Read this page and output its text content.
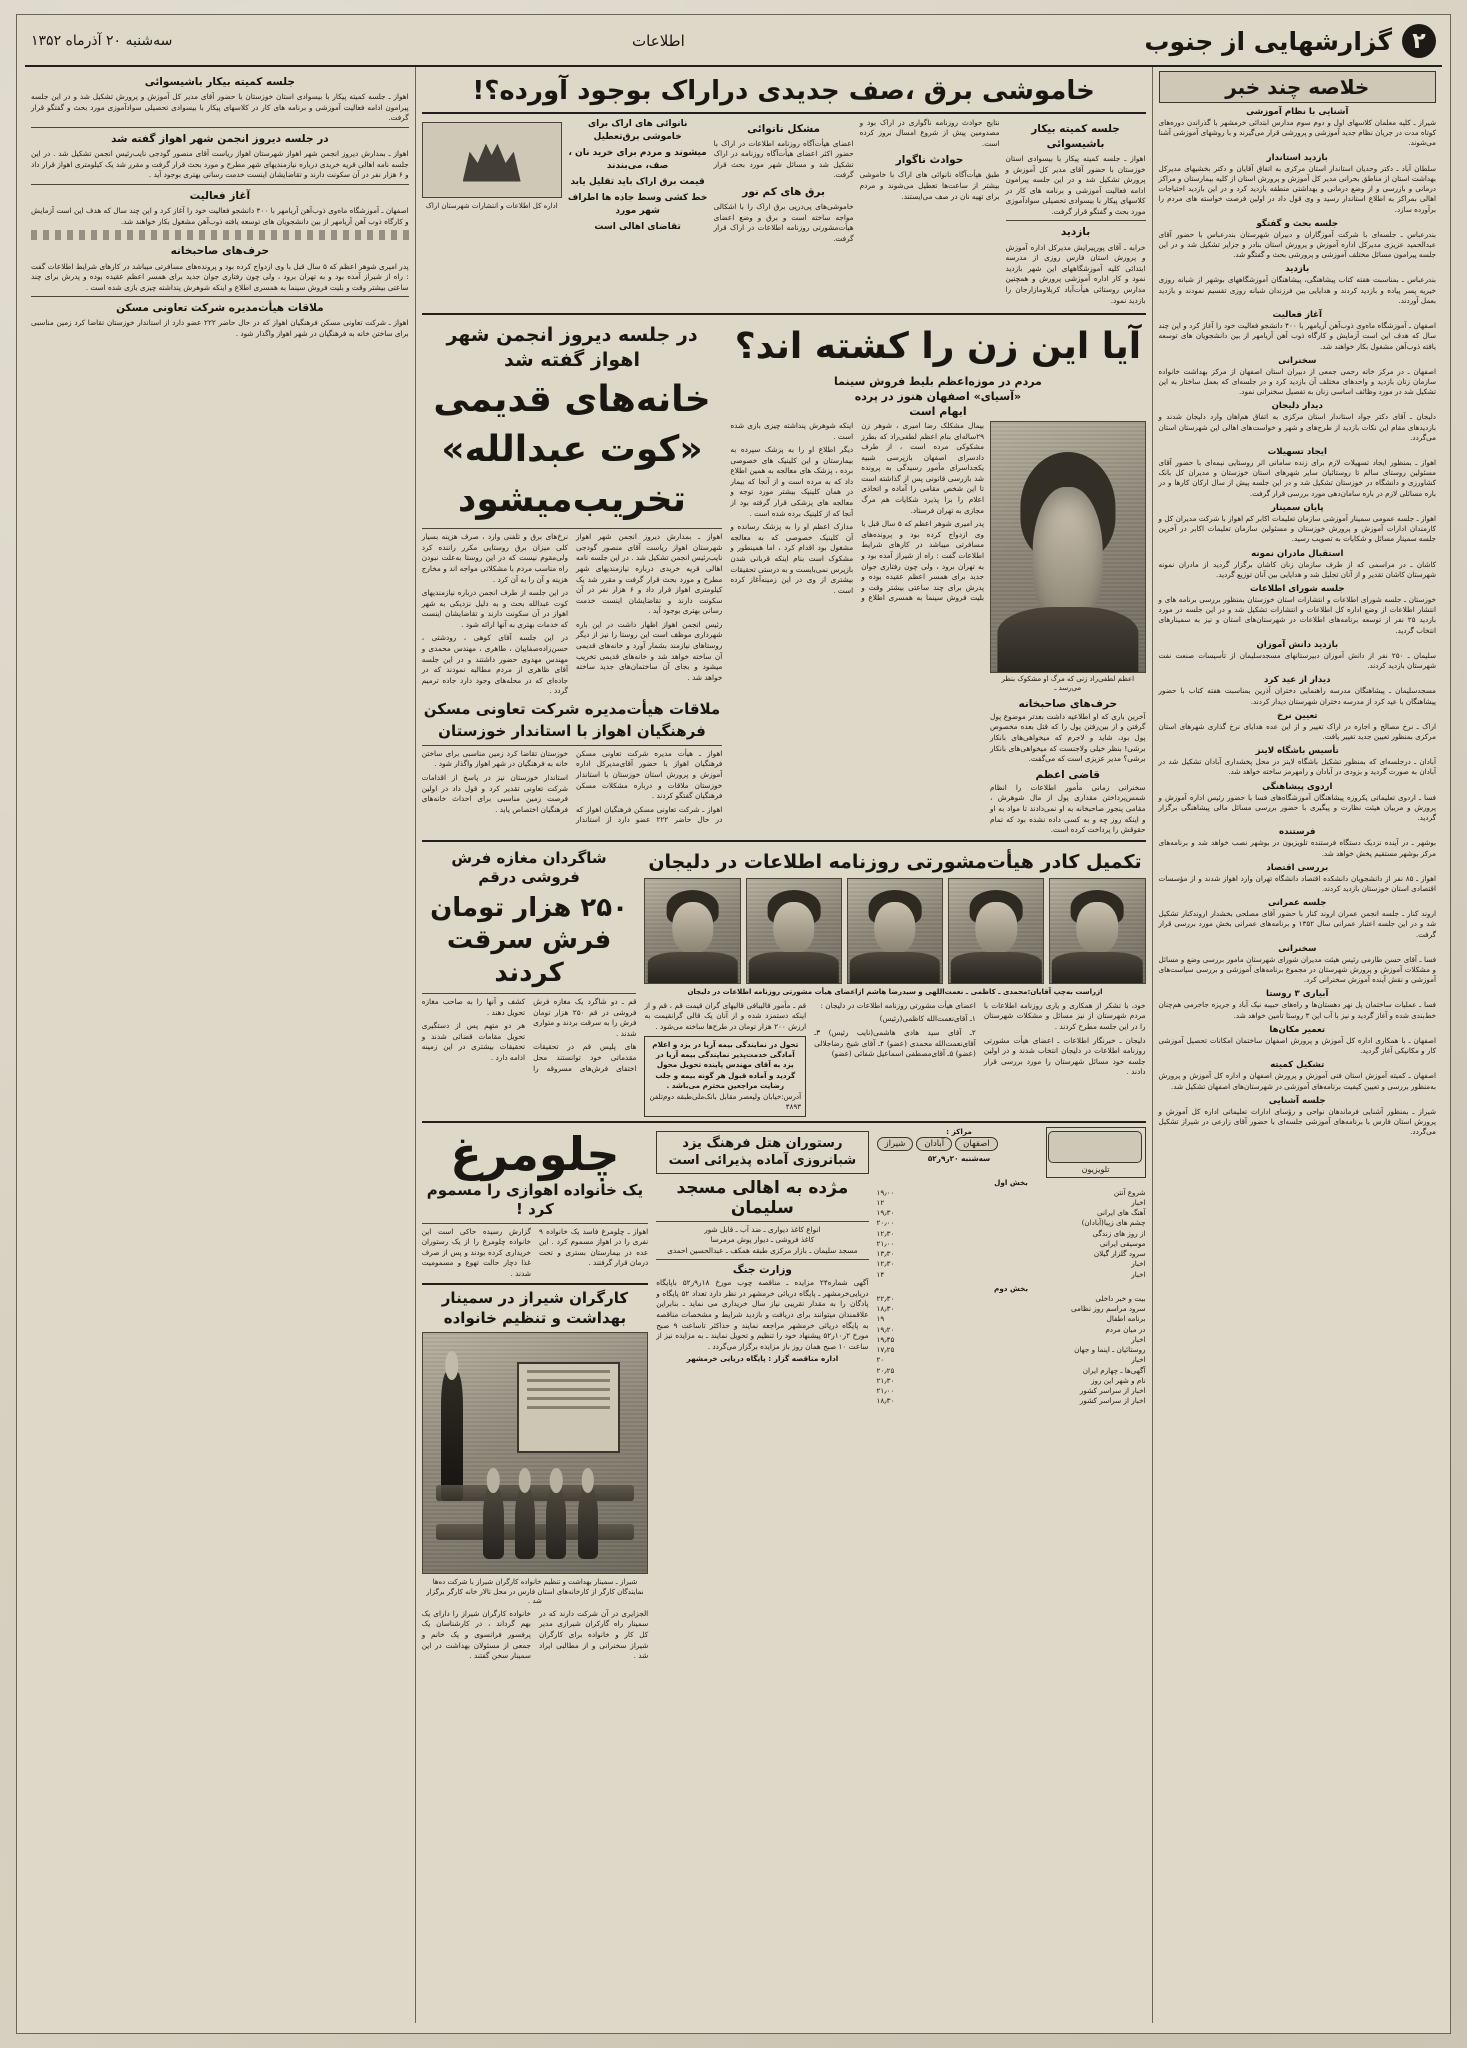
۲
گزارشهایی از جنوب
اطلاعات
سه‌شنبه ۲۰ آذرماه ۱۳۵۲
خلاصه چند خبر
آشنایی با نظام آموزشی

شیراز ـ کلیه معلمان کلاسهای اول و دوم سوم مدارس ابتدائی خرمشهر با گذراندن دوره‌های کوتاه مدت در جریان نظام جدید آموزشی و پرورشی قرار می‌گیرند و با روشهای آموزشی آشنا می‌شوند.

بازدید استاندار

سلطان آباد ـ دکتر وحدیان استاندار استان مرکزی به اتفاق آقایان و دکتر بخشیهای مدیرکل بهداشت استان از مناطق بحرانی مدیر کل آموزش و پرورش استان از کلیه بیمارستان و مراکز درمانی و بازرسی و از وضع درمانی و بهداشتی منطقه بازدید کرد و در این بازدید احتیاجات اهالی بمراکز به اطلاع استاندار رسید و وی قول داد در اولین فرصت خواسته های مردم را برآورده سازد.

جلسه بحث و گفتگو

بندرعباس ـ جلسه‌ای با شرکت آموزگاران و دبیران شهرستان بندرعباس با حضور آقای عبدالحمید عزیزی مدیرکل اداره آموزش و پرورش استان بنادر و جزایر تشکیل شد و در این جلسه پیرامون مسائل مختلف آموزشی و پرورشی بحث و گفتگو شد.

بازدید

بندرعباس ـ بمناسبت هفته کتاب پیشاهنگی، پیشاهنگان آموزشگاههای بوشهر از شبانه روزی خیریه پسر پیاده و بازدید کردند و هدایایی بین فرزندان شبانه روزی تقسیم نمودند و بازدید بعمل آوردند.

آغاز فعالیت

اصفهان ـ آموزشگاه ماه‌وی ذوب‌آهن آریامهر با ۴۰۰ دانشجو فعالیت خود را آغاز کرد و این چند سال که هدف این است آزمایش و کارگاه ذوب آهن آریامهر از بین دانشجویان های‌ توسعه یافته ذوب‌آهن مشغول بکار خواهند شد.

سخنرانی

اصفهان ـ در مرکز خانه رحمی جمعی از دبیران استان اصفهان از مرکز بهداشت خانواده سازمان زنان بازدید و واحدهای مختلف آن بازدید کرد و در جلسه‌ای که بعمل ساختار به این تشکیل شد در مورد وظائف اساسی زنان به تفصیل سخنرانی نمود.

دیدار دلیجان

دلیجان ـ آقای دکتر جواد استاندار استان مرکزی به اتفاق هم‌اهان وارد دلیجان شدند و بازدیدهای مقام این نکات بازدید از طرح‌های و شهر و خواست‌های اهالی این شهرستان استان می‌گردد.

ایجاد تسهیلات

اهواز ـ بمنظور ایجاد تسهیلات لازم برای زنده سامانی اثر روستایی نیمه‌ای با حضور آقای مسئولین روستای سالم تا روستائیان سایر شهرهای استان خوزستان و مدیران کل بانک کشاورزی و دانشگاه در خوزستان تشکیل شد و در این جلسه پیش از سال ارکان کارها و در باره مسائلی لازم در باره سامان‌دهی مورد بررسی قرار گرفت.

پایان سمینار

اهواز ـ جلسه عمومی سمینار آموزشی سازمان تعلیمات اکابر کم اهواز با شرکت مدیران کل و کارمندان ادارات آموزش و پرورش خوزستان و مسئولین سازمان تعلیمات اکابر در آخرین جلسه سمینار مسائل و شکایات به تصویب رسید.

استقبال مادران نمونه

کاشان ـ در مراسمی که از طرف سازمان زنان کاشان برگزار گردید از مادران نمونه شهرستان کاشان تقدیر و از آنان تجلیل شد و هدایایی بین آنان توزیع گردید.

جلسه شورای اطلاعات

خوزستان ـ جلسه شورای اطلاعات و انتشارات استان خوزستان بمنظور بررسی برنامه های و انتشار اطلاعات از وضع اداره کل اطلاعات و انتشارات تشکیل شد و در این جلسه در مورد بازدید ۲۵ نفر از توسعه برنامه‌های اطلاعات در شهرستان‌های استان و نیز به سمینارهای انتخاب گردید.

بازدید دانش آموزان

سلیمان ـ ۲۵۰ نفر از دانش آموزان دبیرستانهای مسجدسلیمان از تأسیسات صنعت نفت شهرستان بازدید کردند.

دیدار از عید کرد

مسجدسلیمان ـ پیشاهنگان مدرسه راهنمایی دختران آذرین بمناسبت هفته کتاب با حضور پیشاهنگان با عید کرد از مدرسه دختران شهرستان دیدار کردند.

تعیین نرخ

اراک ـ نرخ مصالح و اجاره در اراک تغییر و از این عده هدایای نرخ گذاری شهرهای استان مرکزی بمنظور تعیین جدید تغییر یافت.

تأسیس باشگاه لاینز

آبادان ـ درجلسه‌ای که بمنظور تشکیل باشگاه لاینز در محل پخشداری آبادان تشکیل شد در آبادان به صورت گردید و بزودی در آبادان و رامهرمز ساخته خواهد شد.

اردوی پیشاهنگی

فسا ـ اردوی تعلیماتی یکروزه پیشاهنگان آموزشگاه‌های فسا با حضور رئیس اداره آموزش و پرورش و مربیان هیئت نظارت و پیگیری با حضور بررسی مسائل مالی پیشاهنگی برگزار گردید.

فرستنده

بوشهر ـ در آینده نزدیک دستگاه فرستنده تلویزیون در بوشهر نصب خواهد شد و برنامه‌های مرکز بوشهر مستقیم پخش خواهد شد.

بررسی اقتصاد

اهواز ـ ۸۵ نفر از دانشجویان دانشکده اقتصاد دانشگاه تهران وارد اهواز شدند و از مؤسسات اقتصادی استان خوزستان بازدید کردند.

جلسه عمرانی

اروند کنار ـ جلسه انجمن عمران اروند کنار با حضور آقای مصلحی بخشدار اروندکنار تشکیل شد و در این جلسه اعتبار عمرانی سال ۱۳۵۲ و برنامه‌های عمرانی بخش مورد بررسی قرار گرفت.

سخنرانی

فسا ـ آقای حسن طارمی رئیس هیئت مدیران شورای شهرستان مامور بررسی وضع و مسائل و مشکلات آموزش و پرورش شهرستان در مجموع برنامه‌های آموزشی و بررسی سیاست‌های آموزشی و نقش آینده آموزش سخنرانی کرد.

آبیاری ۳ روستا

فسا ـ عملیات ساختمان پل نهر دهستان‌ها و راه‌های حبیبه نیک آباد و جریزه جاجرمی هم‌چنان خط‌بندی شده و آغاز گردید و نیز با آب این ۳ روستا تأمین خواهد شد.

تعمیر مکان‌ها

اصفهان ـ با همکاری اداره کل آموزش و پرورش اصفهان ساختمان امکانات تحصیل آموزشی کار و مکانیکی آغاز گردید.

تشکیل کمیته

اصفهان ـ کمیته آموزش استان فنی آموزش و پرورش اصفهان و اداره کل آموزش و پرورش به‌منظور بررسی و تعیین کیفیت برنامه‌های آموزشی در شهرستان‌های اصفهان تشکیل شد.

جلسه آشنایی

شیراز ـ بمنظور آشنایی فرماندهان نواحی و رؤسای ادارات تعلیماتی اداره کل آموزش و پرورش استان فارس با برنامه‌های آموزشی جلسه‌ای با حضور آقای زارعی در شیراز تشکیل می‌گردد.

خاموشی برق ،صف جدیدی دراراک بوجود آورده؟!
جلسه کمیته بیکار باشیسوائی

اهواز ـ جلسه کمیته پیکار با بیسوادی استان خوزستان با حضور آقای مدیر کل آموزش و پرورش تشکیل شد و در این جلسه پیرامون ادامه فعالیت آموزشی و برنامه های کار در کلاسهای پیکار با بیسوادی تحصیلی سوادآموزی مورد بحث و گفتگو قرار گرفت.

بازدید

خرابه ـ آقای پورپیرایش مدیرکل اداره آموزش و پرورش استان فارس روزی از مدرسه ابتدائی کلیه آموزشگاههای این شهر بازدید نمود و کار اداره آموزشی پرورش و همچنین مدارس روستائی هیأت‌آباد کربلا‌ومازارجان را بازدید نمود.

نتایج حوادث روزنامه ناگواری در اراک بود و مصدومین پیش از شروع امسال بروز کرده است.

حوادث ناگوار

طبق هیأت‌آگاه نانوائی های اراک با خاموشی بیشتر از ساعت‌ها تعطیل می‌شوند و مردم برای تهیه نان در صف می‌ایستند.

مشکل نانوائی

اعضای هیأت‌آگاه روزنامه اطلاعات در اراک با حضور اکثر اعضای هیأت‌آگاه روزنامه در اراک تشکیل شد و مسائل شهر مورد بحث قرار گرفت.

برق های کم نور

خاموشی‌های پی‌درپی برق اراک را با اشکالی مواجه ساخته است و برق و وضع اعضای هیأت‌مشورتی روزنامه اطلاعات در اراک قرار گرفت.

نانوائی های اراک برای خاموشی برق‌تعطیل
میشوند و مردم برای خرید نان ، صف، می‌بندند
قیمت برق اراک باید تقلیل یابد
خط کشی وسط جاده ها اطراف شهر مورد
تقاضای اهالی است
اداره کل اطلاعات و انتشارات شهرستان اراک
آیا این زن را کشته اند؟
مردم در موزه‌اعظم بلیط فروش سینما
«آسیای» اصفهان هنوز در پرده
ابهام است
اعظم لطفی‌راد زنی که مرگ او مشکوک بنظر می‌رسد ـ
حرف‌های صاحبخانه
آخرین باری که او اطلاعیه داشت بعدتر موضوع پول گرفتن و از بین‌رفتن پول را که قتل بعده مخصوص پول بود، شاید و لاجرم که میخواهی‌های بانکار برشی! بنظر خیلی ولاجنست که میخواهی‌های بانکار برشی؟ مدیر عزیزی است که می‌گفت.
قاضی اعظم
سخنرانی زمانی مأمور اطلاعات را‌ انظام شمس‌پرداختن مقداری پول از مال شوهرش ، مقامی پنجور صاحبخانه به او نمی‌دادند تا مواد به او و اینکه روز چه و به کسی داده نشده بود که تمام حقوقش را پرداخت کرده است.

بیمال مشکلک رضا امیری ، شوهر زن ۲۹ساله‌ای بنام اعظم لطفی‌راد که بطرز مشکوکی مرده است ، از طرف دادسرای اصفهان بازپرسی شبیه یکجداسرای مأمور رسیدگی به پرونده شد بازرسی قانونی پس از گذاشته است تا این شخص مقامی را آماده و اتخاذی اعلام را بزا پذیرد شکایات هم مرگ مجازی به تهران فرستاد.

پدر امیری شوهر اعظم که ۵ سال قبل با وی ازدواج کرده بود و پرونده‌های مسافرتی میباشد در کارهای شرایط اطلاعات گفت : راه از شیراز آمده بود و به تهران برود ، ولی چون رفتاری جوان جدید برای همسر اعظم عقیده بوده و پدرش برای چند ساعتی بیشتر وقت و بلیت فروش سینما به همسری اطلاع و اینکه شوهرش پنداشته چیزی بازی شده است .

دیگر اطلاع او را به پزشک سپرده به بیمارستان و این کلینیک های خصوصی برده ، پزشک های معالجه به همین اطلاع داد که به مرده است و از آنجا که بیمار در همان کلینیک بیشتر مورد توجه و معالجه های پزشکی قرار گرفته بود از آنجا که از کلینیک برده شده است .

مدارک اعظم او را به پزشک رسانده و آن کلینیک خصوصی که به معالجه مشغول بود اقدام کرد ، اما همینطور و مشکوک است بنام اینکه قربانی شدن بازپرس نمی‌بایست و به درستی تحقیقات بیشتری از وی در این زمینه‌آغاز کرده است .

در جلسه دیروز انجمن شهر اهواز گفته شد
خانه‌های قدیمی
«کوت عبدالله»
تخریب‌میشود

اهواز ـ بمدارش دیروز انجمن شهر اهواز شهرستان اهواز ریاست آقای منصور گودجی نایب‌رئیس انجمن تشکیل شد . در این جلسه نامه اهالی قریه خریدی درباره نیازمندیهای شهر مطرح و مورد بحث قرار گرفت و مقرر شد یک کیلومتری اهواز قرار داد و ۶ هزار نفر در آن سکونت دارند و تقاضایشان اینست خدمت رسانی بهتری بوجود آید .

رئیس انجمن اهواز اظهار داشت در این باره شهرداری موظف است این روستا را نیز از دیگر روستاهای نیازمند بشمار آورد و خانه‌های قدیمی آن ساخته خواهد شد و خانه‌های قدیمی تخریب میشود و بجای آن ساختمان‌های جدید ساخته خواهد شد .

نرخ‌های برق و تلفنی وارد ، صرف هزینه بسیار کلی میزان برق روستایی مکرر راننده کرد ولی‌مقوم نیست که در این روستا به‌علت نبودن راه مناسب مردم با مشکلاتی مواجه اند و مخارج هزینه و آن را به آن کرد .

در این جلسه از طرف انجمن درباره نیازمندیهای کوت عبدالله بحث و به دلیل نزدیکی به شهر اهواز در آن سکونت دارند و تقاضایشان اینست که خدمات بهتری به آنها ارائه شود .

در این جلسه آقای کوهی ، رودشتی ، حسن‌زاده‌صفاییان ، طاهری ، مهندس محمدی و مهندس مهدوی حضور داشتند و در این جلسه آقای ظاهری از مردم مطالبه نمودند که در جاده‌ای که در محله‌های وجود دارد جاده ترمیم گردد .

ملاقات هیأت‌مدیره شرکت تعاونی مسکن
فرهنگیان اهواز با استاندار خوزستان

اهواز ـ هیأت مدیره شرکت تعاونی مسکن فرهنگیان اهواز با حضور آقای‌مدیرکل اداره آموزش و پرورش استان خوزستان با استاندار خوزستان ملاقات و درباره مشکلات مسکن فرهنگیان گفتگو کردند .

اهواز ـ شرکت تعاونی مسکن فرهنگیان اهواز که در حال حاضر ۲۲۲ عضو دارد از استاندار خوزستان تقاضا کرد زمین مناسبی برای ساختن خانه به فرهنگیان در شهر اهواز واگذار شود .

استاندار خوزستان نیز در پاسخ از اقدامات شرکت تعاونی تقدیر کرد و قول داد در اولین فرصت زمین مناسبی برای احداث خانه‌های فرهنگیان اختصاص یابد .

تکمیل کادر هیأت‌مشورتی روزنامه اطلاعات در دلیجان
ازراست به‌چپ آقایان:محمدی ـ کاظمی ـ نعمت‌اللهی و سیدرضا هاشم ازاعضای هیأت مشورتی روزنامه اطلاعات در دلیجان

خود، با تشکر از همکاری و یاری روزنامه اطلاعات با مردم شهرستان از نیز مسائل و مشکلات شهرستان را در این جلسه مطرح کردند .

دلیجان ـ خبرنگار اطلاعات ـ اعضای هیأت مشورتی روزنامه اطلاعات در دلیجان انتخاب شدند و در اولین جلسه خود مسائل شهرستان را مورد بررسی قرار دادند .

اعضای هیأت مشورتی روزنامه اطلاعات در دلیجان :

۱ـ آقای‌نعمت‌الله کاظمی(رئیس)

۲ـ آقای سید هادی هاشمی(نایب رئیس) ۳ـ آقای‌نعمت‌الله محمدی (عضو) ۴ـ آقای شیخ رضاجلالی (عضو) ۵ـ آقای‌مصطفی اسماعیل شفائی (عضو)

قم ـ مأمور قالیبافی قالیهای گران‌ قیمت قم ، قم و از اینکه دستمزد شده و از آنان یک قالی گرانقیمت به ارزش ۲۰۰ هزار تومان در طرح‌ها ساخته می‌شود .

تحول در نمایندگی بیمه آریا در یزد و اعلام آمادگی خدمت‌پذیر نمایندگی بیمه آریا در یزد به آقای مهندس پاینده تحویل محول گردید و آماده قبول هر گونه بیمه‌ و جلب رضایت مراجعین محترم می‌باشد .
آدرس:خیابان ولیعصر مقابل بانک‌ملی‌طبقه دوم‌تلفن ۴۸۹۳
شاگردان مغازه فرش فروشی درقم
۲۵۰ هزار تومان فرش سرقت کردند

قم ـ دو شاگرد یک مغازه فرش فروشی در قم ۲۵۰ هزار تومان فرش را به سرقت بردند و متواری شدند .

های پلیس قم در تحقیقات مقدماتی خود توانستند محل اختفای فرش‌های مسروقه را کشف و آنها را به صاحب مغازه تحویل دهند .

هر دو متهم پس از دستگیری تحویل مقامات قضائی شدند و تحقیقات بیشتری در این زمینه ادامه دارد .

تلویزیون
مراکز :
اصفهان
آبادان
شیراز
سه‌شنبه ۲۰ر۹ر۵۲
بخش اول
شروع آنتن
۱۹٫۰۰
اخبار
۱۲
آهنگ های ایرانی
۱۹٫۳۰
چشم های زیبا(آبادان)
۲۰٫۰۰
از روز های زندگی
۱۲٫۳۰
موسیقی ایرانی
۲۱٫۰۰
سرود گلزار گیلان
۱۳٫۳۰
اخبار
۱۲٫۳۰
اخبار
۱۴
بخش دوم
بیت و خبر داخلی
۲۲٫۳۰
سرود مراسم روز نظامی
۱۸٫۳۰
برنامه اطفال
۱۹
در میان مردم
۱۹٫۲۰
اخبار
۱۹٫۴۵
روستائیان ـ اینما و جهان
۱۷٫۲۵
اخبار
۲۰
آگهی‌ها ـ چهارم ایران
۲۰٫۲۵
نام و شهر این روز
۲۱٫۳۰
اخبار از سراسر کشور
۲۱٫۰۰
اخبار از سراسر کشور
۱۸٫۳۰
رستوران هتل فرهنگ یزد
شبانروزی آماده پذیرائی است
مژده به اهالی مسجد سلیمان
انواع کاغذ دیواری ـ ضد آب ـ قابل شور
کاغذ فروشی ـ دیوار پوش مرمرسا
مسجد سلیمان ـ بازار مرکزی طبقه همکف ـ عبدالحسین احمدی
وزارت جنگ
آگهی شماره۲۴ مزایده ـ مناقصه چوب مورخ ۱۸ر۹ر۵۲ باپایگاه دریایی‌خرمشهر ـ پایگاه دریائی خرمشهر در نظر دارد تعداد ۵۲ پایگاه و پادگان را به مقدار تقریبی نیاز سال خریداری می نماید ـ بنابراین علاقمندان میتوانند برای دریافت و بازدید شرایط و مشخصات مناقصه به پایگاه دریائی خرمشهر مراجعه نمایند و حداکثر تاساعت ۹ صبح مورخ ۲ر۱۰ر۵۲ پیشنهاد خود را تنظیم و تحویل نمایند ـ به مزایده نیز از ساعت ۱۰ صبح همان روز باز مزایده برگزار می‌گردد .
اداره مناقصه گزار : پایگاه دریایی خرمشهر
چلومرغ
یک خانواده اهوازی را مسموم کرد !

اهواز ـ چلومرغ فاسد یک خانواده ۹ نفری را در اهواز مسموم کرد . این عده در بیمارستان بستری و تحت درمان قرار گرفتند .

گزارش رسیده حاکی است این خانواده چلومرغ را از یک رستوران خریداری کرده بودند و پس از صرف غذا دچار حالت تهوع و مسمومیت شدند .

کارگران شیراز در سمینار بهداشت و تنظیم خانواده
شیراز ـ سمینار بهداشت و تنظیم خانواده کارگران شیراز با شرکت ده‌ها نمایندگان کارگر از کارخانه‌های استان فارس در محل تالار خانه کارگر برگزار شد .

الجزایری در آن شرکت دارند که در سمینار راه گارکران شیرازی مدیر کل کار و خانواده برای کارگران شیراز سخنرانی و از مطالبی ایراد شد .

خانواده کارگران شیراز را دارای یک بهم گرداند ، در کارشناسان یک پرفسور فرانسوی و یک خانم و جمعی از مسئولان بهداشت در این سمینار سخن گفتند .

جلسه کمیته بیکار باشیسوائی

اهواز ـ جلسه کمیته پیکار با بیسوادی استان خوزستان با حضور آقای مدیر کل آموزش و پرورش تشکیل شد و در این جلسه پیرامون ادامه فعالیت آموزشی و برنامه های کار در کلاسهای پیکار با بیسوادی تحصیلی سوادآموزی مورد بحث و گفتگو قرار گرفت.

در جلسه دیروز انجمن شهر اهواز گفته شد

اهواز ـ بمدارش دیروز انجمن شهر اهواز شهرستان اهواز ریاست آقای منصور گودجی نایب‌رئیس انجمن تشکیل شد . در این جلسه نامه اهالی قریه خریدی درباره نیازمندیهای شهر مطرح و مورد بحث قرار گرفت و مقرر شد یک کیلومتری اهواز قرار داد و ۶ هزار نفر در آن سکونت دارند و تقاضایشان اینست خدمت رسانی بهتری بوجود آید .

آغاز فعالیت

اصفهان ـ آموزشگاه ماه‌وی ذوب‌آهن آریامهر با ۴۰۰ دانشجو فعالیت خود را آغاز کرد و این چند سال که هدف این است آزمایش و کارگاه ذوب آهن آریامهر از بین دانشجویان های‌ توسعه یافته ذوب‌آهن مشغول بکار خواهند شد.

حرف‌های صاحبخانه

پدر امیری شوهر اعظم که ۵ سال قبل با وی ازدواج کرده بود و پرونده‌های مسافرتی میباشد در کارهای شرایط اطلاعات گفت : راه از شیراز آمده بود و به تهران برود ، ولی چون رفتاری جوان جدید برای همسر اعظم عقیده بوده و پدرش برای چند ساعتی بیشتر وقت و بلیت فروش سینما به همسری اطلاع و اینکه شوهرش پنداشته چیزی بازی شده است .

ملاقات هیأت‌مدیره شرکت تعاونی مسکن

اهواز ـ شرکت تعاونی مسکن فرهنگیان اهواز که در حال حاضر ۲۲۲ عضو دارد از استاندار خوزستان تقاضا کرد زمین مناسبی برای ساختن خانه به فرهنگیان در شهر اهواز واگذار شود .
